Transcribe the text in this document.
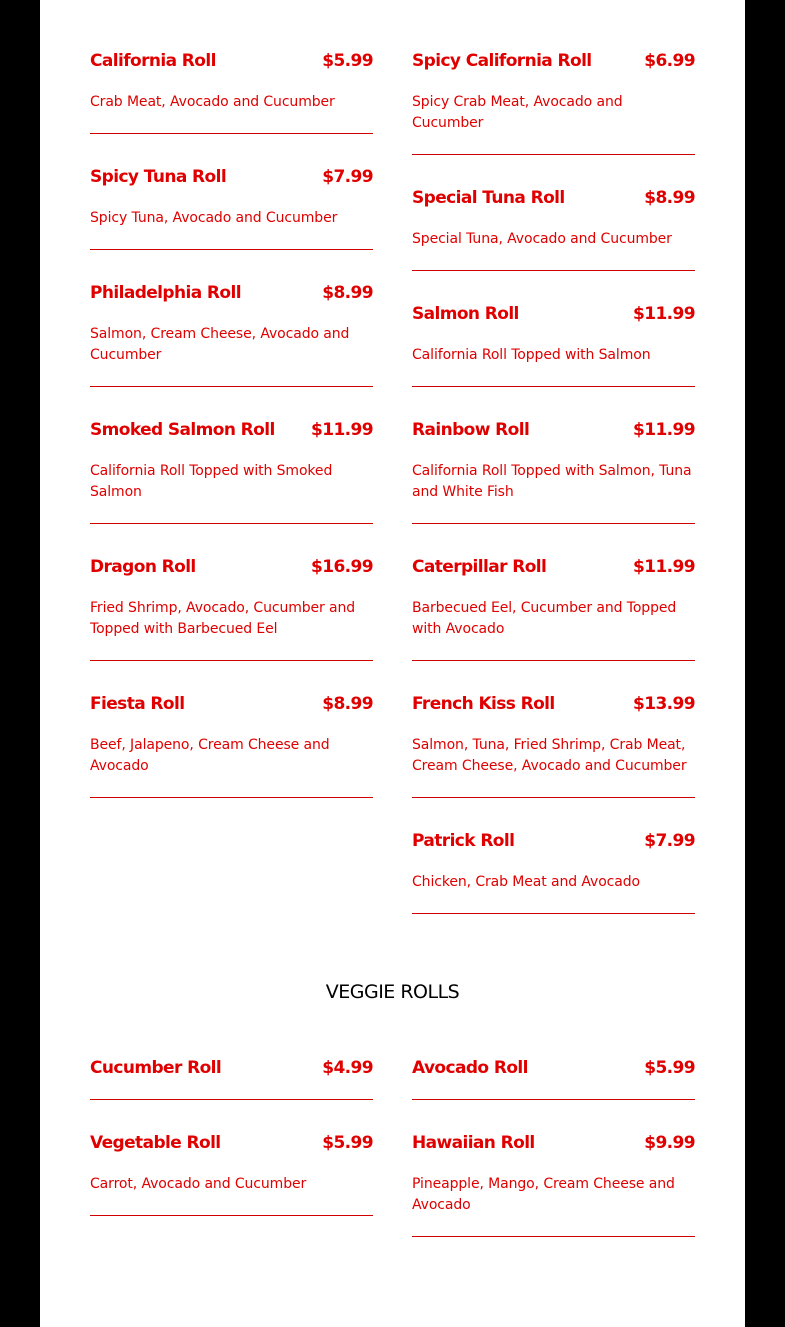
California Roll	$5.99
Crab Meat, Avocado and Cucumber
Spicy Tuna Roll	$7.99
Spicy Tuna, Avocado and Cucumber
Philadelphia Roll	$8.99
Salmon, Cream Cheese, Avocado and Cucumber
Smoked Salmon Roll $11.99
California Roll Topped with Smoked Salmon
Dragon Roll	$16.99
Fried Shrimp, Avocado, Cucumber and Topped with Barbecued Eel
Fiesta Roll	$8.99
Beef, Jalapeno, Cream Cheese and Avocado
Spicy California Roll	$6.99
Spicy Crab Meat, Avocado and Cucumber
Special Tuna Roll	$8.99
Special Tuna, Avocado and Cucumber
Salmon Roll	$11.99
California Roll Topped with Salmon
Rainbow Roll	$11.99
California Roll Topped with Salmon, Tuna and White Fish
Caterpillar Roll	$11.99
Barbecued Eel, Cucumber and Topped with Avocado
French Kiss Roll	$13.99
Salmon, Tuna, Fried Shrimp, Crab Meat, Cream Cheese, Avocado and Cucumber
Patrick Roll	$7.99
Chicken, Crab Meat and Avocado
VEGGIE ROLLS
Cucumber Roll	$4.99
Vegetable Roll	$5.99
Carrot, Avocado and Cucumber
Avocado Roll	$5.99
Hawaiian Roll	$9.99
Pineapple, Mango, Cream Cheese and Avocado
